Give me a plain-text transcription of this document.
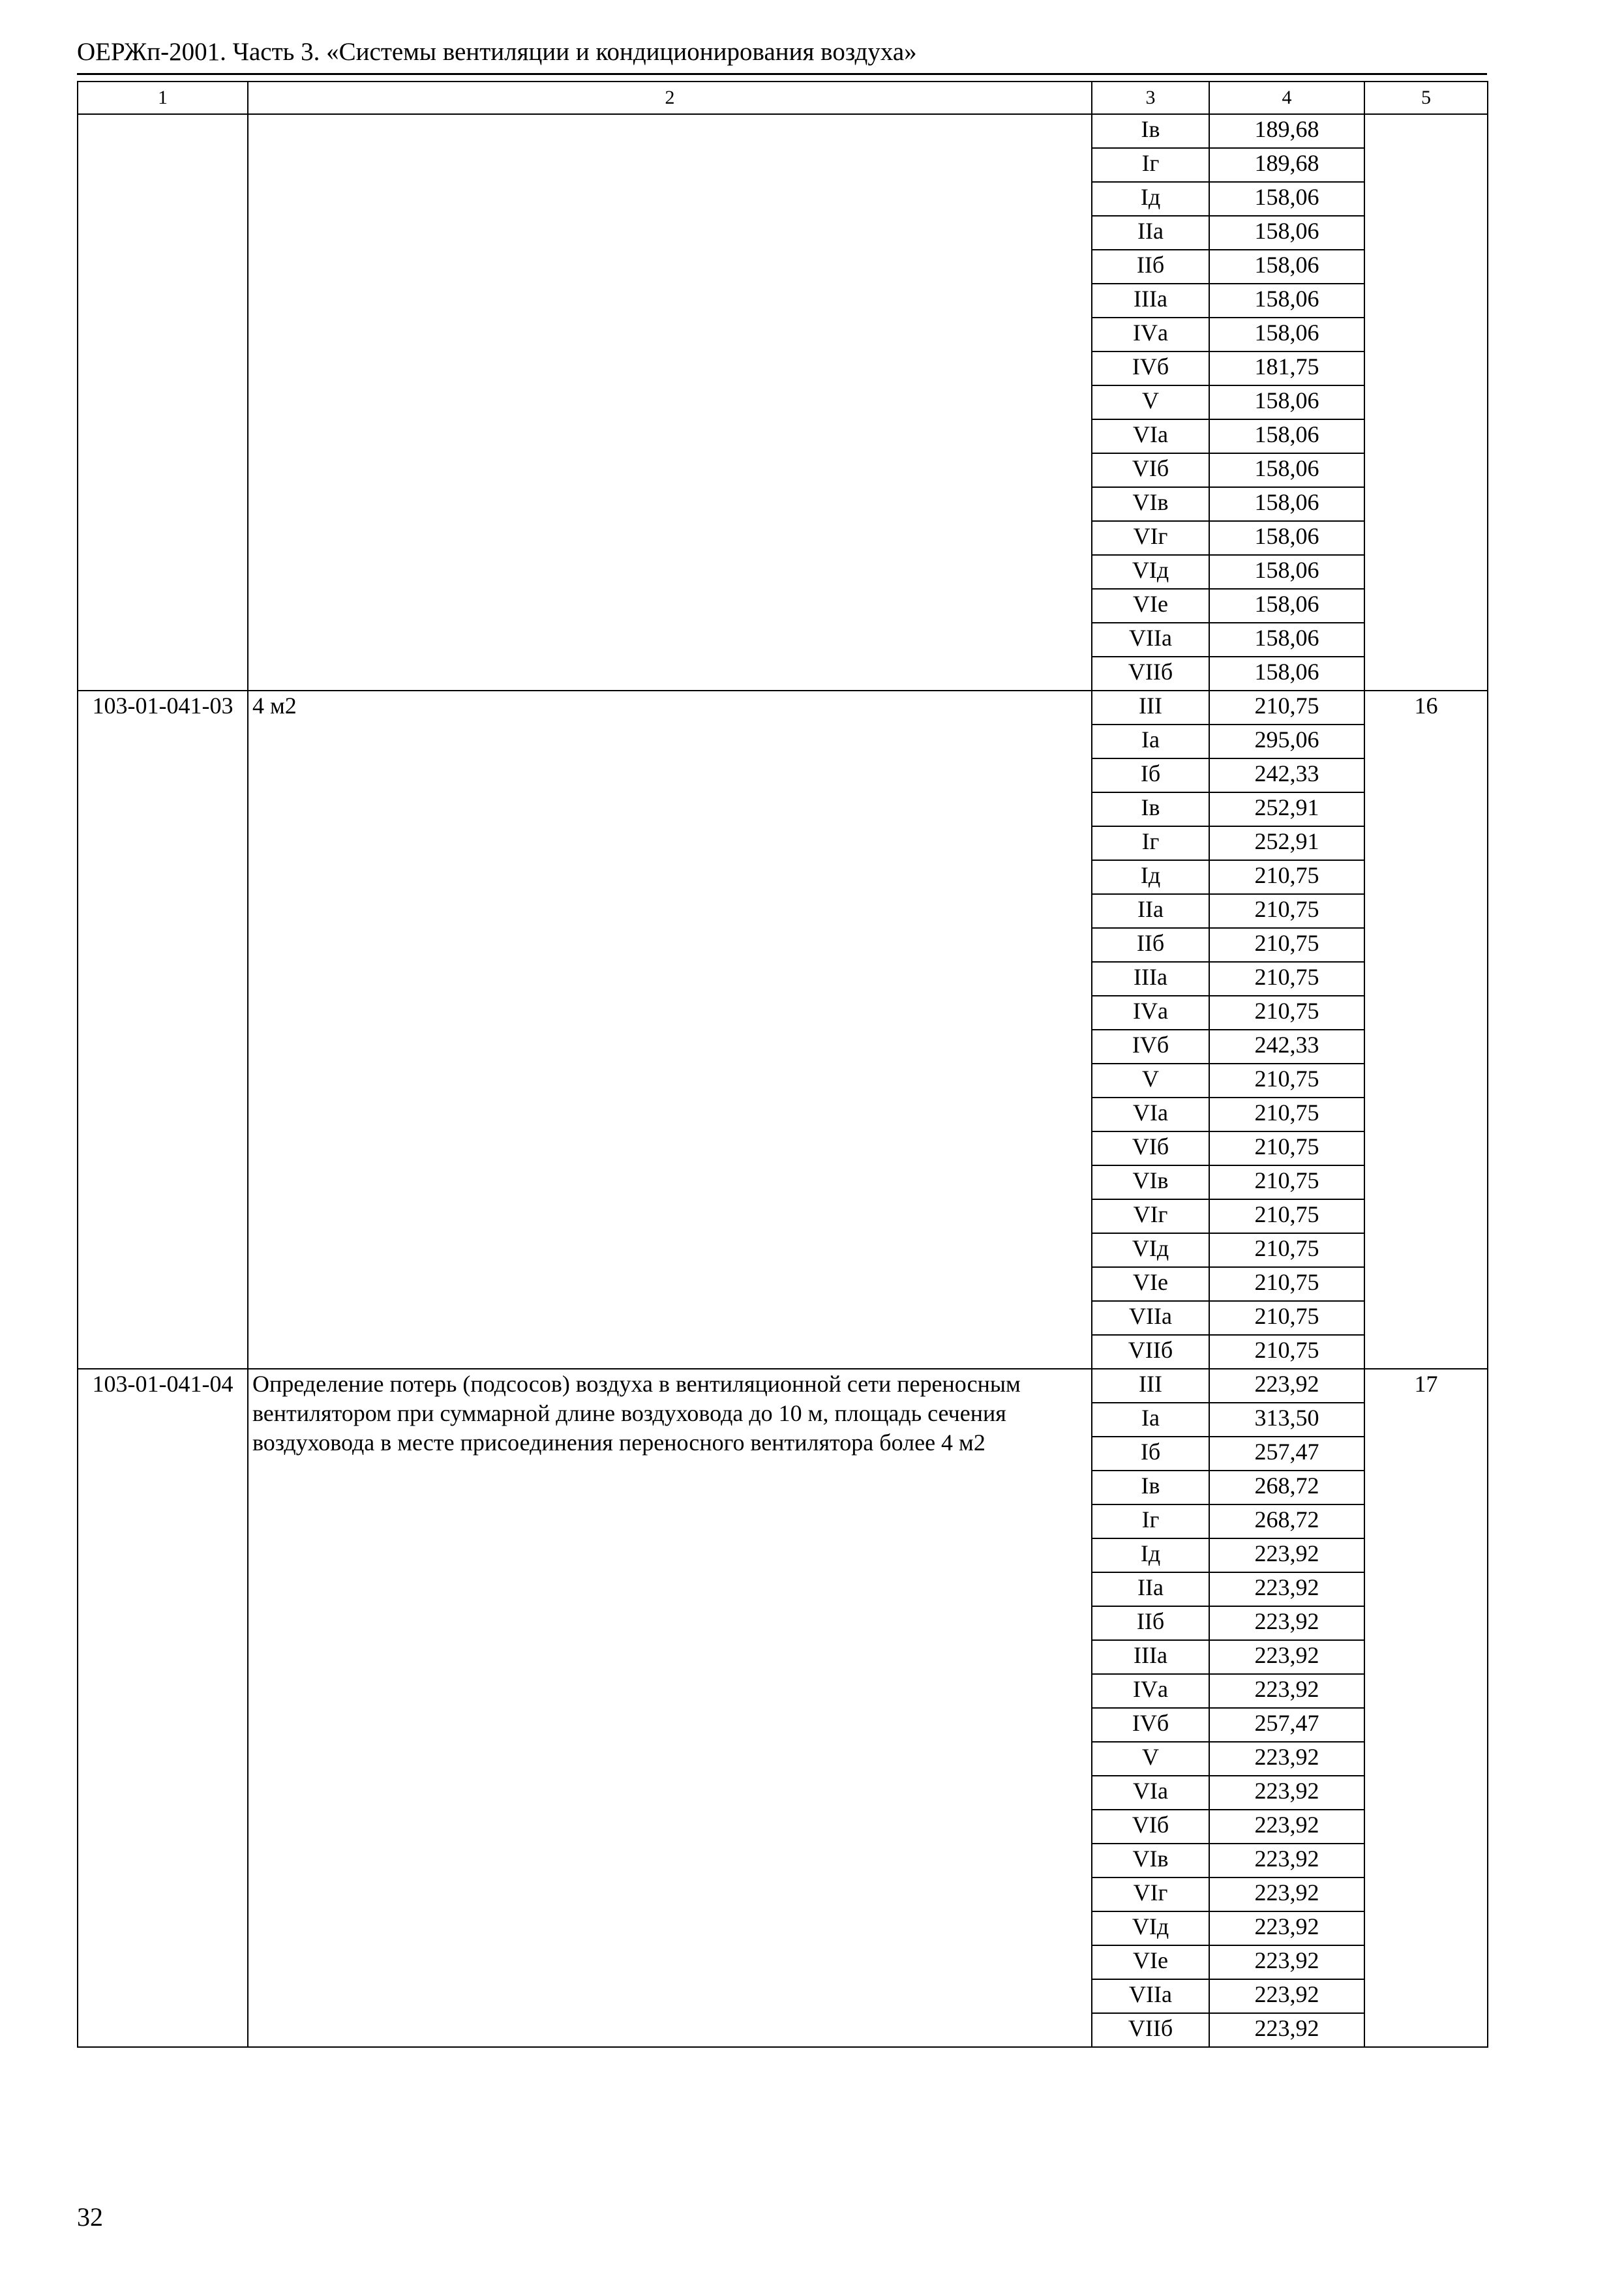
ОЕРЖп-2001. Часть 3. «Системы вентиляции и кондиционирования воздуха»
1	2	3	4	5
		Iв	189,68	
		Iг	189,68	
		Iд	158,06	
		IIа	158,06	
		IIб	158,06	
		IIIа	158,06	
		IVа	158,06	
		IVб	181,75	
		V	158,06	
		VIа	158,06	
		VIб	158,06	
		VIв	158,06	
		VIг	158,06	
		VIд	158,06	
		VIе	158,06	
		VIIа	158,06	
		VIIб	158,06	
103-01-041-03	4 м2	III	210,75	16
		Iа	295,06	
		Iб	242,33	
		Iв	252,91	
		Iг	252,91	
		Iд	210,75	
		IIа	210,75	
		IIб	210,75	
		IIIа	210,75	
		IVа	210,75	
		IVб	242,33	
		V	210,75	
		VIа	210,75	
		VIб	210,75	
		VIв	210,75	
		VIг	210,75	
		VIд	210,75	
		VIе	210,75	
		VIIа	210,75	
		VIIб	210,75	
103-01-041-04	Определение потерь (подсосов) воздуха в вентиляционной сети переносным вентилятором при суммарной длине воздуховода до 10 м, площадь сечения воздуховода в месте присоединения переносного вентилятора более 4 м2	III	223,92	17
		Iа	313,50	
		Iб	257,47	
		Iв	268,72	
		Iг	268,72	
		Iд	223,92	
		IIа	223,92	
		IIб	223,92	
		IIIа	223,92	
		IVа	223,92	
		IVб	257,47	
		V	223,92	
		VIа	223,92	
		VIб	223,92	
		VIв	223,92	
		VIг	223,92	
		VIд	223,92	
		VIе	223,92	
		VIIа	223,92	
		VIIб	223,92	
32
